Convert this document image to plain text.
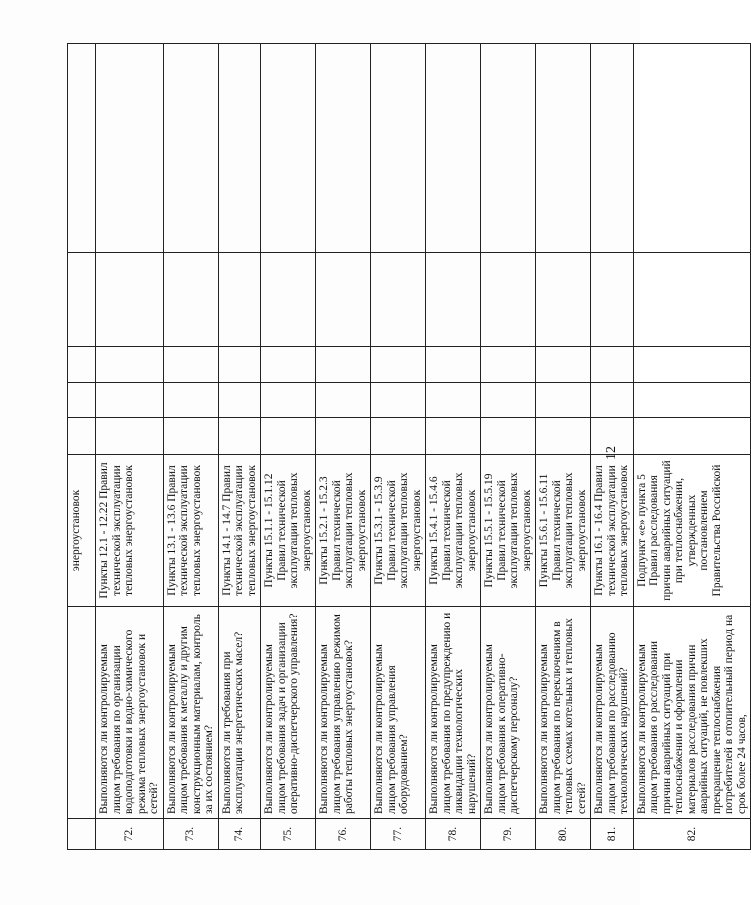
12
		энергоустановок					
72.	Выполняются ли контролируемым лицом требования по организации водоподготовки и водно-химического режима тепловых энергоустановок и сетей?	Пункты 12.1 - 12.22 Правил технической эксплуатации тепловых энергоустановок					
73.	Выполняются ли контролируемым лицом требования к металлу и другим конструкционным материалам, контроль за их состоянием?	Пункты 13.1 - 13.6 Правил технической эксплуатации тепловых энергоустановок					
74.	Выполняются ли требования при эксплуатации энергетических масел?	Пункты 14.1 - 14.7 Правил технической эксплуатации тепловых энергоустановок					
75.	Выполняются ли контролируемым лицом требования задач и организации оперативно-диспетчерского управления?	Пункты 15.1.1 - 15.1.12 Правил технической эксплуатации тепловых энергоустановок					
76.	Выполняются ли контролируемым лицом требования управлению режимом работы тепловых энергоустановок?	Пункты 15.2.1 - 15.2.3 Правил технической эксплуатации тепловых энергоустановок					
77.	Выполняются ли контролируемым лицом требования управления оборудованием?	Пункты 15.3.1 - 15.3.9 Правил технической эксплуатации тепловых энергоустановок					
78.	Выполняются ли контролируемым лицом требования по предупреждению и ликвидации технологических нарушений?	Пункты 15.4.1 - 15.4.6 Правил технической эксплуатации тепловых энергоустановок					
79.	Выполняются ли контролируемым лицом требования к оперативно-диспетчерскому персоналу?	Пункты 15.5.1 - 15.5.19 Правил технической эксплуатации тепловых энергоустановок					
80.	Выполняются ли контролируемым лицом требования по переключениям в тепловых схемах котельных и тепловых сетей?	Пункты 15.6.1 - 15.6.11 Правил технической эксплуатации тепловых энергоустановок					
81.	Выполняются ли контролируемым лицом требования по расследованию технологических нарушений?	Пункты 16.1 - 16.4 Правил технической эксплуатации тепловых энергоустановок					
82.	Выполняются ли контролируемым лицом требования о расследовании причин аварийных ситуаций при теплоснабжении и оформлении материалов расследования причин аварийных ситуаций, не повлекших прекращение теплоснабжения потребителей в отопительный период на срок более 24 часов,	Подпункт «е» пункта 5 Правил расследования причин аварийных ситуаций при теплоснабжении, утвержденных постановлением Правительства Российской					
